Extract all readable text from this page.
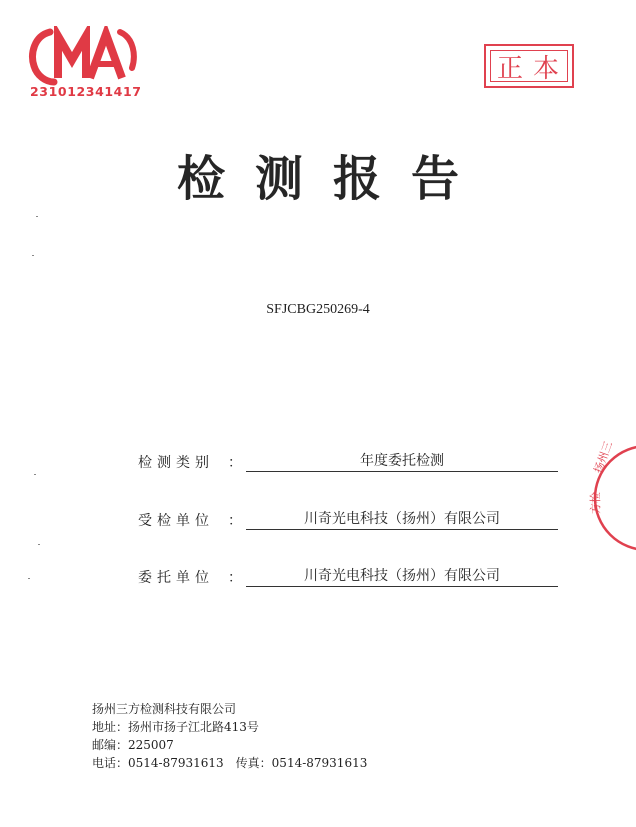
231012341417
正本
检测报告
SFJCBG250269-4
检测类别	：	年度委托检测
受检单位	：	川奇光电科技（扬州）有限公司
委托单位	：	川奇光电科技（扬州）有限公司
扬州三
方检
扬州三方检测科技有限公司
地址：扬州市扬子江北路413号
邮编：225007
电话：0514-87931613　传真：0514-87931613
